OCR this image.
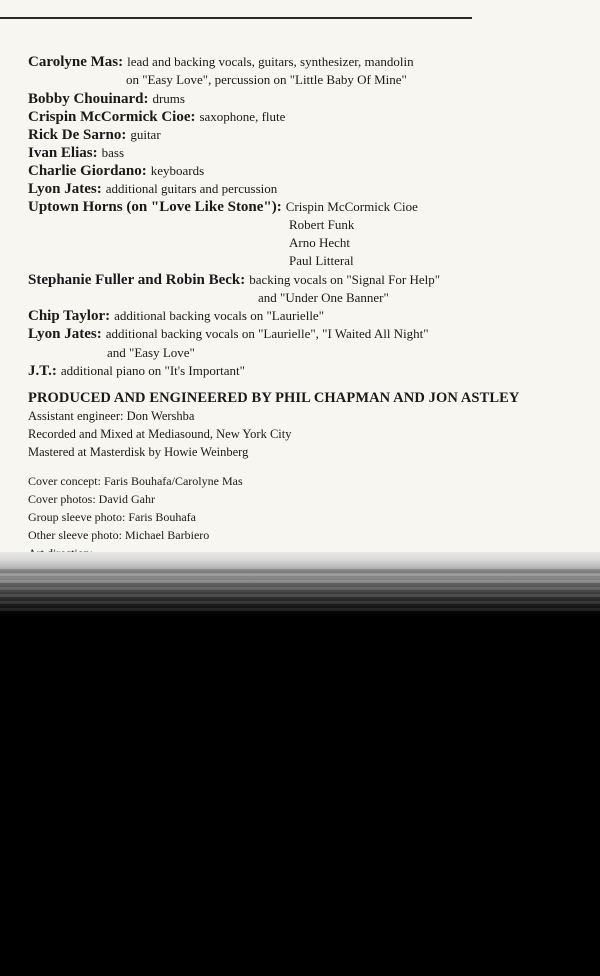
Carolyne Mas: lead and backing vocals, guitars, synthesizer, mandolin
on "Easy Love", percussion on "Little Baby Of Mine"
Bobby Chouinard: drums
Crispin McCormick Cioe: saxophone, flute
Rick De Sarno: guitar
Ivan Elias: bass
Charlie Giordano: keyboards
Lyon Jates: additional guitars and percussion
Uptown Horns (on "Love Like Stone"): Crispin McCormick Cioe
Robert Funk
Arno Hecht
Paul Litteral
Stephanie Fuller and Robin Beck: backing vocals on "Signal For Help"
and "Under One Banner"
Chip Taylor: additional backing vocals on "Laurielle"
Lyon Jates: additional backing vocals on "Laurielle", "I Waited All Night"
and "Easy Love"
J.T.: additional piano on "It's Important"
PRODUCED AND ENGINEERED BY PHIL CHAPMAN AND JON ASTLEY
Assistant engineer: Don Wershba
Recorded and Mixed at Mediasound, New York City
Mastered at Masterdisk by Howie Weinberg
Cover concept: Faris Bouhafa/Carolyne Mas
Cover photos: David Gahr
Group sleeve photo: Faris Bouhafa
Other sleeve photo: Michael Barbiero
